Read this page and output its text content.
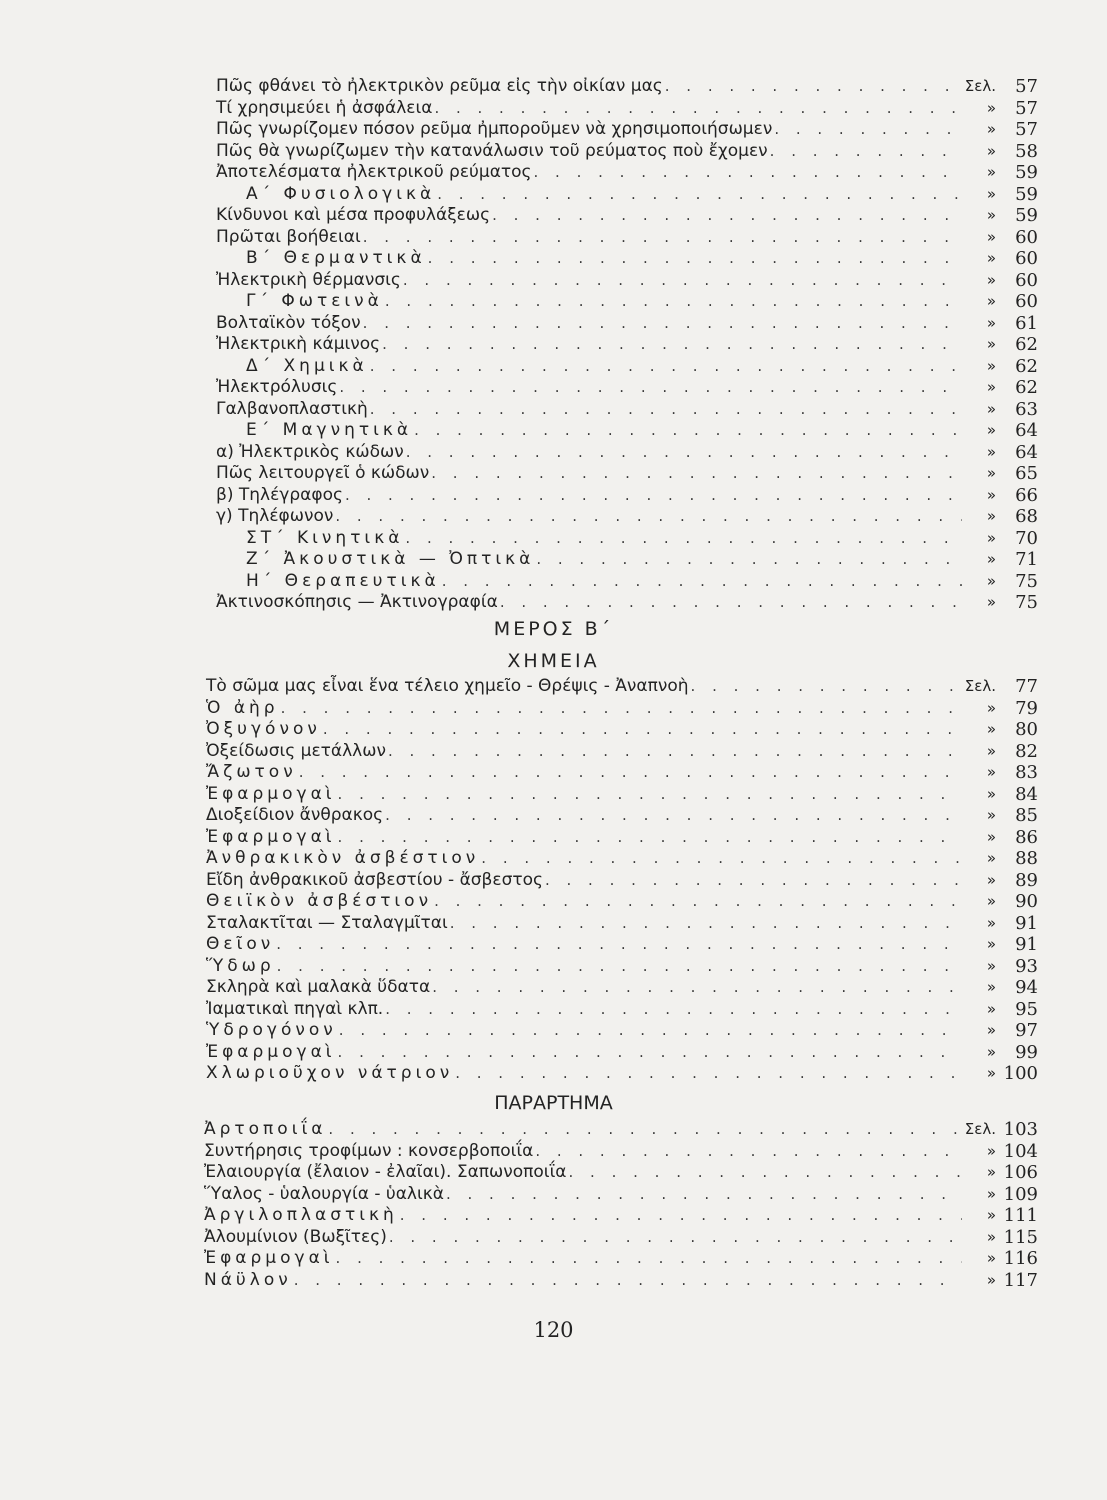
Πῶς φθάνει τὸ ἠλεκτρικὸν ρεῦμα εἰς τὴν οἰκίαν μας . . .	Σελ.	57
Τί χρησιμεύει ἡ ἀσφάλεια . . .	»	57
Πῶς γνωρίζομεν πόσον ρεῦμα ἠμποροῦμεν νὰ χρησιμοποιήσωμεν . . .	»	57
Πῶς θὰ γνωρίζωμεν τὴν κατανάλωσιν τοῦ ρεύματος ποὺ ἔχομεν . . .	»	58
Ἀποτελέσματα ἠλεκτρικοῦ ρεύματος . . .	»	59
Α΄ Φυσιολογικὰ . . .	»	59
Κίνδυνοι καὶ μέσα προφυλάξεως . . .	»	59
Πρῶται βοήθειαι . . .	»	60
Β΄ Θερμαντικὰ . . .	»	60
Ἠλεκτρικὴ θέρμανσις . . .	»	60
Γ΄ Φωτεινὰ . . .	»	60
Βολταϊκὸν τόξον . . .	»	61
Ἠλεκτρικὴ κάμινος . . .	»	62
Δ΄ Χημικὰ . . .	»	62
Ἠλεκτρόλυσις . . .	»	62
Γαλβανοπλαστικὴ . . .	»	63
Ε΄ Μαγνητικὰ . . .	»	64
α) Ἠλεκτρικὸς κώδων . . .	»	64
Πῶς λειτουργεῖ ὁ κώδων . . .	»	65
β) Τηλέγραφος . . .	»	66
γ) Τηλέφωνον . . .	»	68
ΣΤ΄ Κινητικὰ . . .	»	70
Ζ΄ Ἀκουστικὰ — Ὀπτικὰ . . .	»	71
Η΄ Θεραπευτικὰ . . .	»	75
Ἀκτινοσκόπησις — Ἀκτινογραφία . . .	»	75
ΜΕΡΟΣ Β΄
ΧΗΜΕΙΑ
Τὸ σῶμα μας εἶναι ἕνα τέλειο χημεῖο - Θρέψις - Ἀναπνοὴ . . .	Σελ.	77
Ὁ ἀὴρ . . .	»	79
Ὀξυγόνον . . .	»	80
Ὀξείδωσις μετάλλων . . .	»	82
Ἄζωτον . . .	»	83
Ἐφαρμογαὶ . . .	»	84
Διοξείδιον ἄνθρακος . . .	»	85
Ἐφαρμογαὶ . . .	»	86
Ἀνθρακικὸν ἀσβέστιον . . .	»	88
Εἴδη ἀνθρακικοῦ ἀσβεστίου - ἄσβεστος . . .	»	89
Θειϊκὸν ἀσβέστιον . . .	»	90
Σταλακτῖται — Σταλαγμῖται . . .	»	91
Θεῖον . . .	»	91
Ὕδωρ . . .	»	93
Σκληρὰ καὶ μαλακὰ ὕδατα . . .	»	94
Ἰαματικαὶ πηγαὶ κλπ. . . .	»	95
Ὑδρογόνον . . .	»	97
Ἐφαρμογαὶ . . .	»	99
Χλωριοῦχον νάτριον . . .	» 100
ΠΑΡΑΡΤΗΜΑ
Ἀρτοποιΐα . . .	Σελ. 103
Συντήρησις τροφίμων : κονσερβοποιΐα . . .	» 104
Ἐλαιουργία (ἔλαιον - ἐλαῖαι). Σαπωνοποιΐα . . .	» 106
Ὕαλος - ὑαλουργία - ὑαλικὰ . . .	» 109
Ἀργιλοπλαστικὴ . . .	» 111
Ἀλουμίνιον (Βωξῖτες) . . .	» 115
Ἐφαρμογαὶ . . .	» 116
Νάϋλον . . .	» 117
120
